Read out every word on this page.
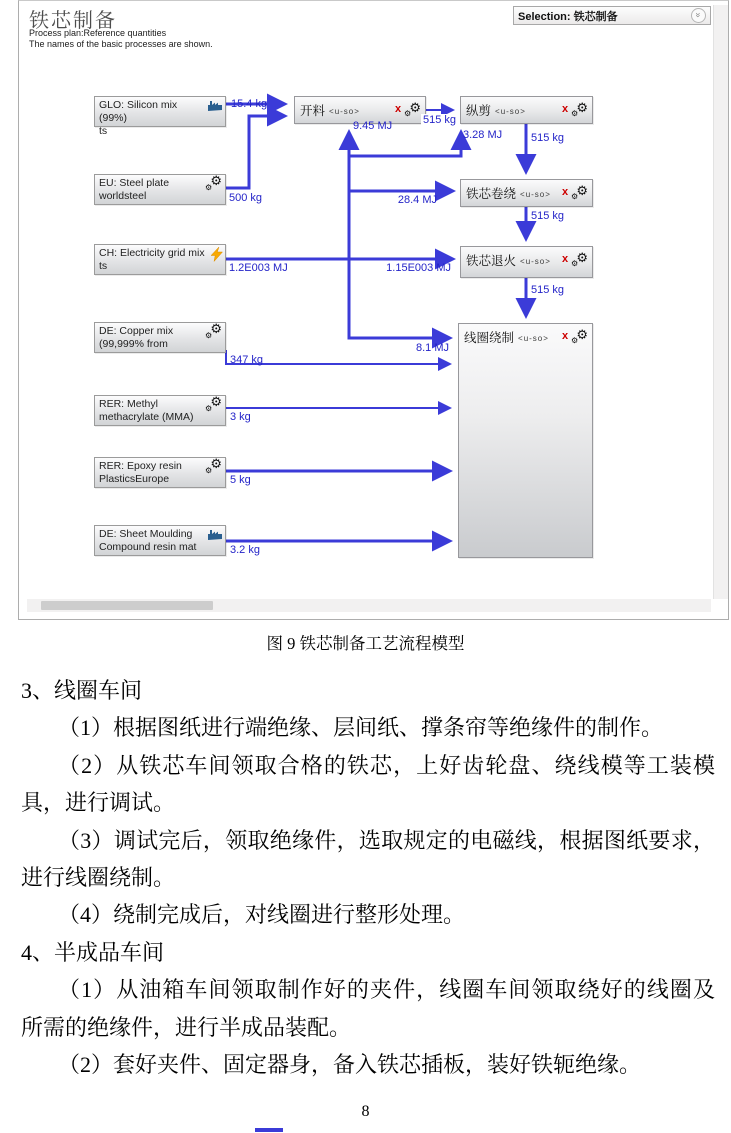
铁芯制备
Process plan:Reference quantities
The names of the basic processes are shown.
Selection: 铁芯制备	»
GLO: Silicon mix (99%)
ts
EU: Steel plate
worldsteel
⚙
⚙
CH: Electricity grid mix
ts
DE: Copper mix
(99,999% from
⚙
⚙
RER: Methyl
methacrylate (MMA)
⚙
⚙
RER: Epoxy resin
PlasticsEurope
⚙
⚙
DE: Sheet Moulding
Compound resin mat
开料 <u-so>	x ⚙
⚙	纵剪 <u-so>	x ⚙
⚙
铁芯卷绕 <u-so> x ⚙
⚙
铁芯退火 <u-so> x ⚙
⚙
线圈绕制 <u-so> x ⚙
⚙
15.4 kg
500 kg
515 kg
9.45 MJ
3.28 MJ
28.4 MJ
1.2E003 MJ	1.15E003 MJ
8.1 MJ
515 kg
515 kg
515 kg
347 kg
3 kg
5 kg
3.2 kg
图 9 铁芯制备工艺流程模型
3、线圈车间
（1）根据图纸进行端绝缘、层间纸、撑条帘等绝缘件的制作。
（2）从铁芯车间领取合格的铁芯，上好齿轮盘、绕线模等工装模
具，进行调试。
（3）调试完后，领取绝缘件，选取规定的电磁线，根据图纸要求，
进行线圈绕制。
（4）绕制完成后，对线圈进行整形处理。
4、半成品车间
（1）从油箱车间领取制作好的夹件，线圈车间领取绕好的线圈及
所需的绝缘件，进行半成品装配。
（2）套好夹件、固定器身，备入铁芯插板，装好铁轭绝缘。
8
